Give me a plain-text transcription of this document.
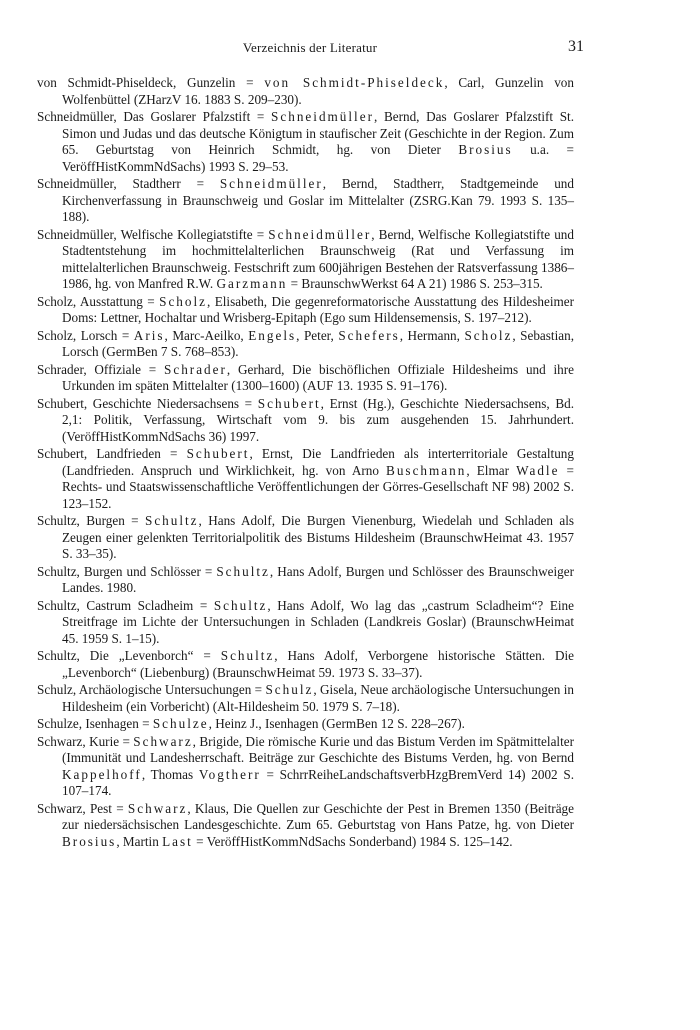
Verzeichnis der Literatur	31

von Schmidt-Phiseldeck, Gunzelin = von Schmidt-Phiseldeck, Carl, Gunzelin von Wolfenbüttel (ZHarzV 16. 1883 S. 209–230).

Schneidmüller, Das Goslarer Pfalzstift = Schneidmüller, Bernd, Das Goslarer Pfalzstift St. Simon und Judas und das deutsche Königtum in staufischer Zeit (Geschichte in der Region. Zum 65. Geburtstag von Heinrich Schmidt, hg. von Dieter Brosius u.a. = VeröffHistKommNdSachs) 1993 S. 29–53.

Schneidmüller, Stadtherr = Schneidmüller, Bernd, Stadtherr, Stadtgemeinde und Kirchenverfassung in Braunschweig und Goslar im Mittelalter (ZSRG.Kan 79. 1993 S. 135–188).

Schneidmüller, Welfische Kollegiatstifte = Schneidmüller, Bernd, Welfische Kollegiatstifte und Stadtentstehung im hochmittelalterlichen Braunschweig (Rat und Verfassung im mittelalterlichen Braunschweig. Festschrift zum 600jährigen Bestehen der Ratsverfassung 1386–1986, hg. von Manfred R.W. Garzmann = BraunschwWerkst 64 A 21) 1986 S. 253–315.

Scholz, Ausstattung = Scholz, Elisabeth, Die gegenreformatorische Ausstattung des Hildesheimer Doms: Lettner, Hochaltar und Wrisberg-Epitaph (Ego sum Hildensemensis, S. 197–212).

Scholz, Lorsch = Aris, Marc-Aeilko, Engels, Peter, Schefers, Hermann, Scholz, Sebastian, Lorsch (GermBen 7 S. 768–853).

Schrader, Offiziale = Schrader, Gerhard, Die bischöflichen Offiziale Hildesheims und ihre Urkunden im späten Mittelalter (1300–1600) (AUF 13. 1935 S. 91–176).

Schubert, Geschichte Niedersachsens = Schubert, Ernst (Hg.), Geschichte Niedersachsens, Bd. 2,1: Politik, Verfassung, Wirtschaft vom 9. bis zum ausgehenden 15. Jahrhundert. (VeröffHistKommNdSachs 36) 1997.

Schubert, Landfrieden = Schubert, Ernst, Die Landfrieden als interterritoriale Gestaltung (Landfrieden. Anspruch und Wirklichkeit, hg. von Arno Buschmann, Elmar Wadle = Rechts- und Staatswissenschaftliche Veröffentlichungen der Görres-Gesellschaft NF 98) 2002 S. 123–152.

Schultz, Burgen = Schultz, Hans Adolf, Die Burgen Vienenburg, Wiedelah und Schladen als Zeugen einer gelenkten Territorialpolitik des Bistums Hildesheim (BraunschwHeimat 43. 1957 S. 33–35).

Schultz, Burgen und Schlösser = Schultz, Hans Adolf, Burgen und Schlösser des Braunschweiger Landes. 1980.

Schultz, Castrum Scladheim = Schultz, Hans Adolf, Wo lag das „castrum Scladheim“? Eine Streitfrage im Lichte der Untersuchungen in Schladen (Landkreis Goslar) (BraunschwHeimat 45. 1959 S. 1–15).

Schultz, Die „Levenborch“ = Schultz, Hans Adolf, Verborgene historische Stätten. Die „Levenborch“ (Liebenburg) (BraunschwHeimat 59. 1973 S. 33–37).

Schulz, Archäologische Untersuchungen = Schulz, Gisela, Neue archäologische Untersuchungen in Hildesheim (ein Vorbericht) (Alt-Hildesheim 50. 1979 S. 7–18).

Schulze, Isenhagen = Schulze, Heinz J., Isenhagen (GermBen 12 S. 228–267).

Schwarz, Kurie = Schwarz, Brigide, Die römische Kurie und das Bistum Verden im Spätmittelalter (Immunität und Landesherrschaft. Beiträge zur Geschichte des Bistums Verden, hg. von Bernd Kappelhoff, Thomas Vogtherr = SchrrReiheLandschaftsverbHzgBremVerd 14) 2002 S. 107–174.

Schwarz, Pest = Schwarz, Klaus, Die Quellen zur Geschichte der Pest in Bremen 1350 (Beiträge zur niedersächsischen Landesgeschichte. Zum 65. Geburtstag von Hans Patze, hg. von Dieter Brosius, Martin Last = VeröffHistKommNdSachs Sonderband) 1984 S. 125–142.
